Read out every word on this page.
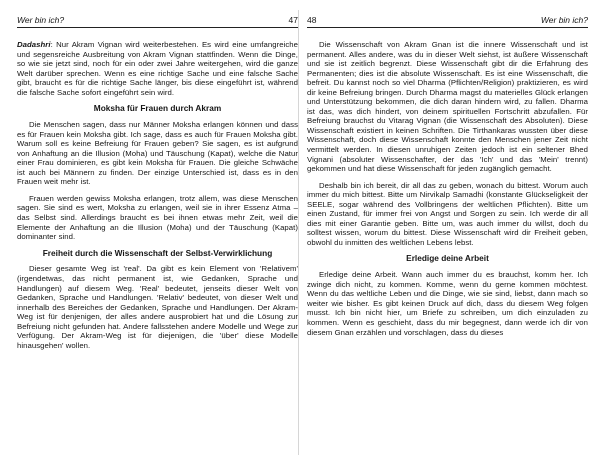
Wer bin ich?	47

Dadashri: Nur Akram Vignan wird weiterbestehen. Es wird eine umfangreiche und segensreiche Ausbreitung von Akram Vignan stattfinden. Wenn die Dinge, so wie sie jetzt sind, noch für ein oder zwei Jahre weitergehen, wird die ganze Welt darüber sprechen. Wenn es eine richtige Sache und eine falsche Sache gibt, braucht es für die richtige Sache länger, bis diese eingeführt ist, während die falsche Sache sofort eingeführt sein wird.

Moksha für Frauen durch Akram

Die Menschen sagen, dass nur Männer Moksha erlangen können und dass es für Frauen kein Moksha gibt. Ich sage, dass es auch für Frauen Moksha gibt. Warum soll es keine Befreiung für Frauen geben? Sie sagen, es ist aufgrund von Anhaftung an die Illusion (Moha) und Täuschung (Kapat), welche die Natur einer Frau dominieren, es gibt kein Moksha für Frauen. Die gleiche Schwäche ist auch bei Männern zu finden. Der einzige Unterschied ist, dass es in den Frauen weit mehr ist.

Frauen werden gewiss Moksha erlangen, trotz allem, was diese Menschen sagen. Sie sind es wert, Moksha zu erlangen, weil sie in ihrer Essenz Atma – das Selbst sind. Allerdings braucht es bei ihnen etwas mehr Zeit, weil die Elemente der Anhaftung an die Illusion (Moha) und der Täuschung (Kapat) dominanter sind.

Freiheit durch die Wissenschaft der Selbst-Verwirklichung

Dieser gesamte Weg ist 'real'. Da gibt es kein Element von 'Relativem' (irgendetwas, das nicht permanent ist, wie Gedanken, Sprache und Handlungen) auf diesem Weg. 'Real' bedeutet, jenseits dieser Welt von Gedanken, Sprache und Handlungen. 'Relativ' bedeutet, von dieser Welt und innerhalb des Bereiches der Gedanken, Sprache und Handlungen. Der Akram-Weg ist für denjenigen, der alles andere ausprobiert hat und die Lösung zur Befreiung nicht gefunden hat. Andere fallsstehen andere Modelle und Wege zur Verfügung. Der Akram-Weg ist für diejenigen, die 'über' diese Modelle hinausgehen' wollen.

48	Wer bin ich?

Die Wissenschaft von Akram Gnan ist die innere Wissenschaft und ist permanent. Alles andere, was du in dieser Welt siehst, ist äußere Wissenschaft und sie ist zeitlich begrenzt. Diese Wissenschaft gibt dir die Erfahrung des Permanenten; dies ist die absolute Wissenschaft. Es ist eine Wissenschaft, die befreit. Du kannst noch so viel Dharma (Pflichten/Religion) praktizieren, es wird dir keine Befreiung bringen. Durch Dharma magst du materielles Glück erlangen und Unterstützung bekommen, die dich daran hindern wird, zu fallen. Dharma ist das, was dich hindert, von deinem spirituellen Fortschritt abzufallen. Für Befreiung brauchst du Vitarag Vignan (die Wissenschaft des Absoluten). Diese Wissenschaft existiert in keinen Schriften. Die Tirthankaras wussten über diese Wissenschaft, doch diese Wissenschaft konnte den Menschen jener Zeit nicht vermittelt werden. In diesen unruhigen Zeiten jedoch ist ein seltener Bhed Vignani (absoluter Wissenschafter, der das 'Ich' und das 'Mein' trennt) gekommen und hat diese Wissenschaft für jeden zugänglich gemacht.

Deshalb bin ich bereit, dir all das zu geben, wonach du bittest. Worum auch immer du mich bittest. Bitte um Nirvikalp Samadhi (konstante Glückseligkeit der SEELE, sogar während des Vollbringens der weltlichen Pflichten). Bitte um einen Zustand, für immer frei von Angst und Sorgen zu sein. Ich werde dir all dies mit einer Garantie geben. Bitte um, was auch immer du willst, doch du solltest wissen, worum du bittest. Diese Wissenschaft wird dir Freiheit geben, obwohl du inmitten des weltlichen Lebens lebst.

Erledige deine Arbeit

Erledige deine Arbeit. Wann auch immer du es brauchst, komm her. Ich zwinge dich nicht, zu kommen. Komme, wenn du gerne kommen möchtest. Wenn du das weltliche Leben und die Dinge, wie sie sind, liebst, dann mach so weiter wie bisher. Es gibt keinen Druck auf dich, dass du diesem Weg folgen musst. Ich bin nicht hier, um Briefe zu schreiben, um dich einzuladen zu kommen. Wenn es geschieht, dass du mir begegnest, dann werde ich dir von diesem Gnan erzählen und vorschlagen, dass du dieses
